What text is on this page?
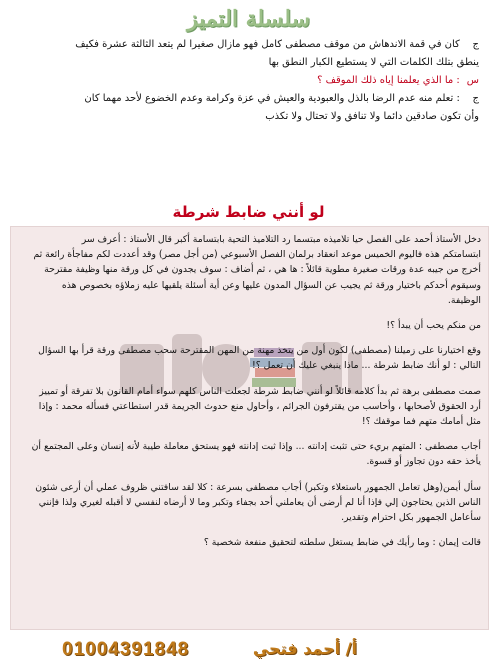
سلسلة التميز
ج كان في قمة الاندهاش من موقف مصطفى كامل فهو مازال صغيرا لم يتعد الثالثة عشرة فكيف
ينطق بتلك الكلمات التي لا يستطيع الكبار النطق بها
س : ما الذي يعلمنا إياه ذلك الموقف ؟
ج : تعلم منه عدم الرضا بالذل والعبودية والعيش في عزة وكرامة وعدم الخضوع لأحد مهما كان
وأن تكون صادقين دائما ولا تنافق ولا تحتال ولا تكذب
لو أنني ضابط شرطة
دخل الأستاذ أحمد على الفصل حيا تلاميذه مبتسما رد التلاميذ التحية بابتسامة أكبر قال الأستاذ : أعرف سر
ابتسامتكم هذه فاليوم الخميس موعد انعقاد برلمان الفصل الأسبوعي (من أجل مصر) وقد أعددت لكم مفاجأة رائعة ثم
أخرج من جيبه عدة ورقات صغيرة مطوية قائلاً : ها هي ، ثم أضاف : سوف يجدون في كل ورقة منها وظيفة مقترحة
وسيقوم أحدكم باختيار ورقة ثم يجيب عن السؤال المدون عليها وعن أية أسئلة يلقيها عليه زملاؤه بخصوص هذه
الوظيفة.
من منكم يحب أن يبدأ ؟!
وقع اختيارنا على زميلنا (مصطفى) لكون أول من يتخذ مهنة من المهن المقترحة سحب مصطفى ورقة قرأ بها السؤال
التالي : لو أنك ضابط شرطة ... ماذا ينبغي عليك أن تعمل ؟!
صمت مصطفى برهة ثم بدأ كلامه قائلاً لو أنني ضابط شرطة لجعلت الناس كلهم سواء أمام القانون بلا تفرقة أو تمييز
أرد الحقوق لأصحابها ، وأحاسب من يقترفون الجرائم ، وأحاول منع حدوث الجريمة قدر استطاعتي فسأله محمد : وإذا
مثل أمامك متهم فما موقفك ؟!
أجاب مصطفى : المتهم بريء حتى تثبت إدانته ... وإذا ثبت إدانته فهو يستحق معاملة طيبة لأنه إنسان وعلى المجتمع أن
يأخذ حقه دون تجاوز أو قسوة.
سأل أيمن(وهل تعامل الجمهور باستعلاء وتكبر) أجاب مصطفى بسرعة : كلا لقد سافتني ظروف عملي أن أرعى شئون
الناس الذين يحتاجون إلي فإذا أنا لم أرضى أن يعاملني أحد بجفاء وتكبر وما لا أرضاه لنفسي لا أقبله لغيري ولذا فإنني
سأعامل الجمهور بكل احترام وتقدير.
قالت إيمان : وما رأيك في ضابط يستغل سلطته لتحقيق منفعة شخصية ؟
01004391848	أ/ أحمد فتحي
